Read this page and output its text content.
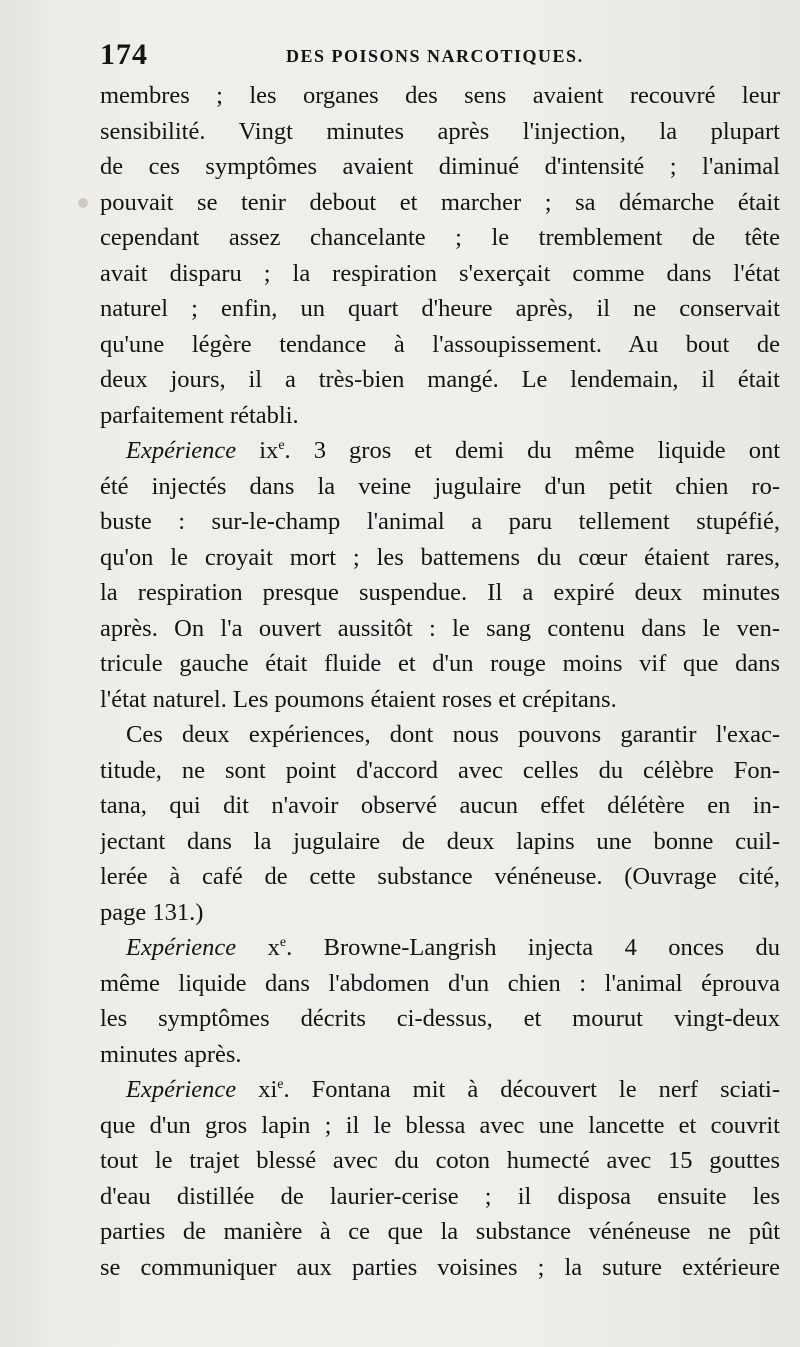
174	DES POISONS NARCOTIQUES.
membres ; les organes des sens avaient recouvré leur
sensibilité. Vingt minutes après l'injection, la plupart
de ces symptômes avaient diminué d'intensité ; l'animal
pouvait se tenir debout et marcher ; sa démarche était
cependant assez chancelante ; le tremblement de tête
avait disparu ; la respiration s'exerçait comme dans l'état
naturel ; enfin, un quart d'heure après, il ne conservait
qu'une légère tendance à l'assoupissement. Au bout de
deux jours, il a très-bien mangé. Le lendemain, il était
parfaitement rétabli.
Expérience $ix^e$. 3 gros et demi du même liquide ont
été injectés dans la veine jugulaire d'un petit chien ro-
buste : sur-le-champ l'animal a paru tellement stupéfié,
qu'on le croyait mort ; les battemens du cœur étaient rares,
la respiration presque suspendue. Il a expiré deux minutes
après. On l'a ouvert aussitôt : le sang contenu dans le ven-
tricule gauche était fluide et d'un rouge moins vif que dans
l'état naturel. Les poumons étaient roses et crépitans.
Ces deux expériences, dont nous pouvons garantir l'exac-
titude, ne sont point d'accord avec celles du célèbre Fon-
tana, qui dit n'avoir observé aucun effet délétère en in-
jectant dans la jugulaire de deux lapins une bonne cuil-
lerée à café de cette substance vénéneuse. (Ouvrage cité,
page 131.)
Expérience $x^e$. Browne-Langrish injecta 4 onces du
même liquide dans l'abdomen d'un chien : l'animal éprouva
les symptômes décrits ci-dessus, et mourut vingt-deux
minutes après.
Expérience $xi^e$. Fontana mit à découvert le nerf sciati-
que d'un gros lapin ; il le blessa avec une lancette et couvrit
tout le trajet blessé avec du coton humecté avec 15 gouttes
d'eau distillée de laurier-cerise ; il disposa ensuite les
parties de manière à ce que la substance vénéneuse ne pût
se communiquer aux parties voisines ; la suture extérieure
